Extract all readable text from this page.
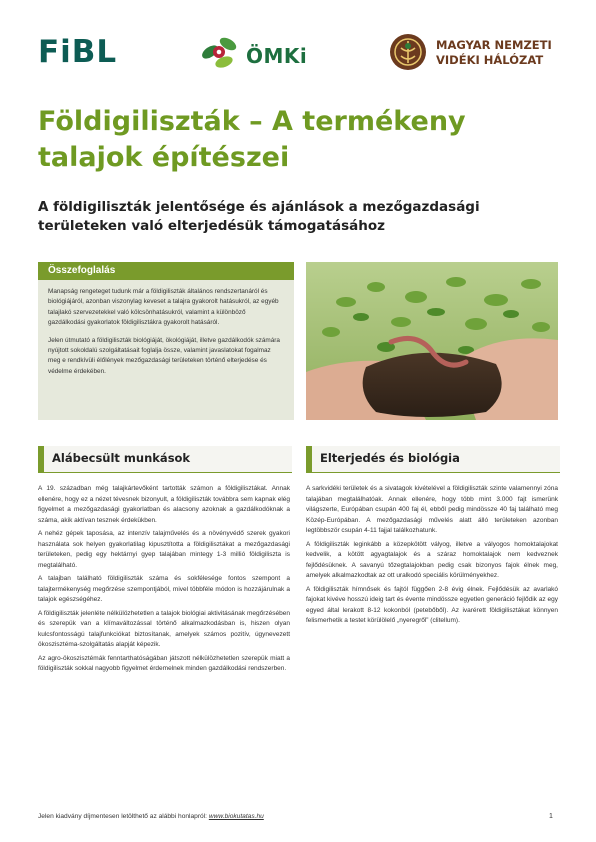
FiBL	ÖMKi	MAGYAR NEMZETI
VIDÉKI HÁLÓZAT
Földigiliszták – A termékeny talajok építészei
A földigiliszták jelentősége és ajánlások a mezőgazdasági területeken való elterjedésük támogatásához
Összefoglalás

Manapság rengeteget tudunk már a földigiliszták általános rendszertanáról és biológiájáról, azonban viszonylag keveset a talajra gyakorolt hatásukról, az egyéb talajlakó szervezetekkel való kölcsönhatásukról, valamint a különböző gazdálkodási gyakorlatok földigilisztákra gyakorolt hatásáról.

Jelen útmutató a földigiliszták biológiáját, ökológiáját, illetve gazdálkodók számára nyújtott sokoldalú szolgáltatásait foglalja össze, valamint javaslatokat fogalmaz meg e rendkívüli élőlények mezőgazdasági területeken történő elterjedése és védelme érdekében.

Alábecsült munkások

A 19. században még talajkártevőként tartották számon a földigilisztákat. Annak ellenére, hogy ez a nézet tévesnek bizonyult, a földigiliszták továbbra sem kapnak elég figyelmet a mezőgazdasági gyakorlatban és alacsony azoknak a gazdálkodóknak a száma, akik aktívan tesznek érdekükben.

A nehéz gépek taposása, az intenzív talajművelés és a növényvédő szerek gyakori használata sok helyen gyakorlatilag kipusztította a földigilisztákat a mezőgazdasági területeken, pedig egy hektárnyi gyep talajában mintegy 1-3 millió földigiliszta is megtalálható.

A talajban található földigiliszták száma és sokfélesége fontos szempont a talajtermékenység megőrzése szempontjából, mivel többféle módon is hozzájárulnak a talajok egészségéhez.

A földigiliszták jelenléte nélkülözhetetlen a talajok biológiai aktivitásának megőrzésében és szerepük van a klímaváltozással történő alkalmazkodásban is, hiszen olyan kulcsfontosságú talajfunkciókat biztosítanak, amelyek számos pozitív, úgynevezett ökoszisztéma-szolgáltatás alapját képezik.

Az agro-ökoszisztémák fenntarthatóságában játszott nélkülözhetetlen szerepük miatt a földigiliszták sokkal nagyobb figyelmet érdemelnek minden gazdálkodási rendszerben.

Elterjedés és biológia

A sarkvidéki területek és a sivatagok kivételével a földigiliszták szinte valamennyi zóna talajában megtalálhatóak. Annak ellenére, hogy több mint 3.000 fajt ismerünk világszerte, Európában csupán 400 faj él, ebből pedig mindössze 40 faj található meg Közép-Európában. A mezőgazdasági művelés alatt álló területeken azonban legtöbbször csupán 4-11 fajjal találkozhatunk.

A földigiliszták leginkább a közepkötött vályog, illetve a vályogos homoktalajokat kedvelik, a kötött agyagtalajok és a száraz homoktalajok nem kedveznek fejlődésüknek. A savanyú tőzegtalajokban pedig csak bizonyos fajok élnek meg, amelyek alkalmazkodtak az ott uralkodó speciális körülményekhez.

A földigiliszták hímnősek és fajtól függően 2-8 évig élnek. Fejlődésük az avarlakó fajokat kivéve hosszú ideig tart és évente mindössze egyetlen generáció fejlődik az egy egyed által lerakott 8-12 kokonból (petebőből). Az ivarérett földigilisztákat könnyen felismerhetik a testet körülölelő „nyeregről” (clitellum).

Jelen kiadvány díjmentesen letölthető az alábbi honlapról: www.biokutatas.hu	1
